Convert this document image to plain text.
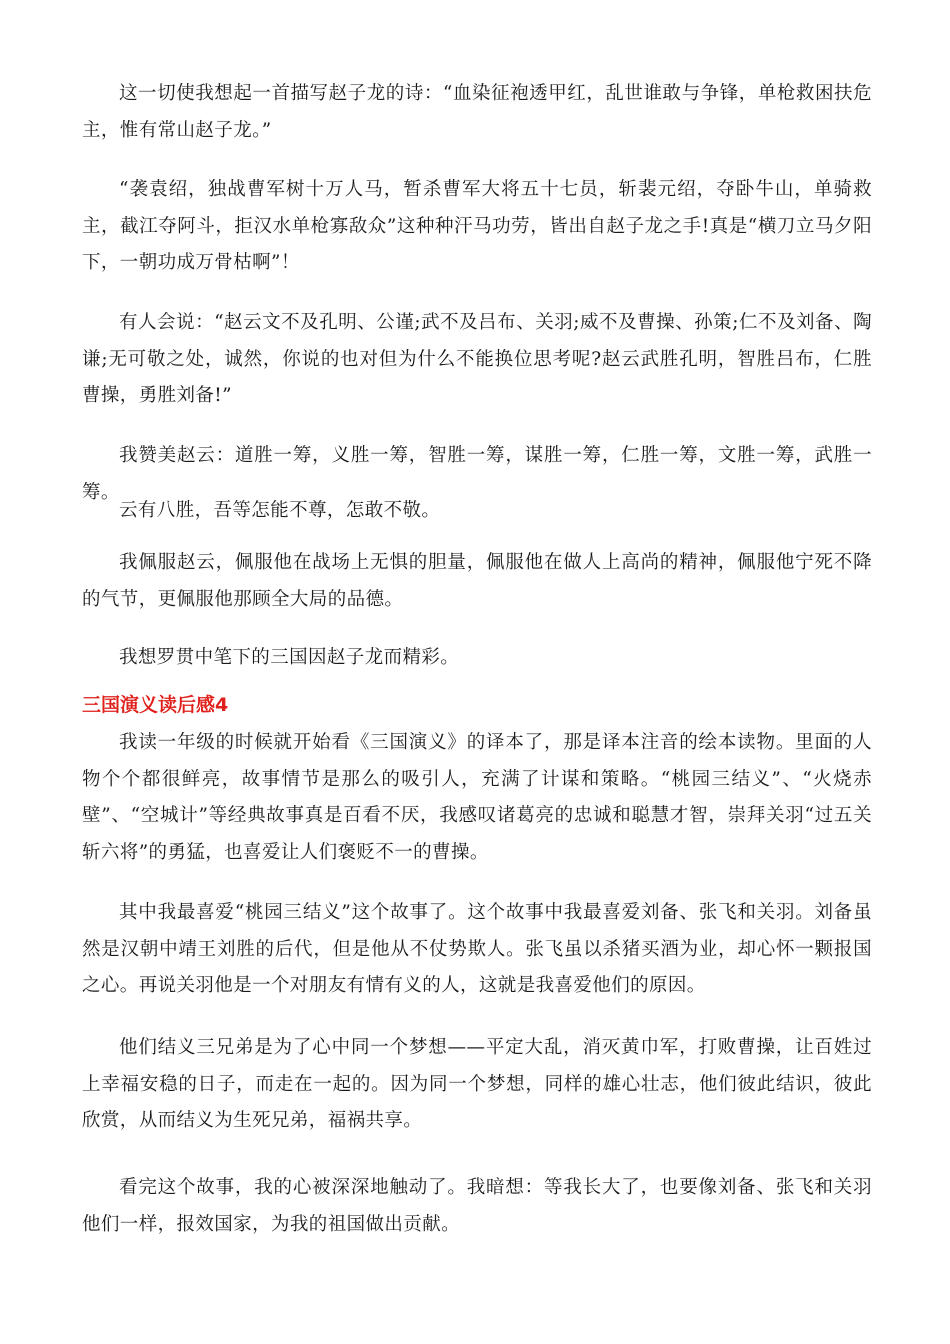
这一切使我想起一首描写赵子龙的诗：“血染征袍透甲红，乱世谁敢与争锋，单枪救困扶危主，惟有常山赵子龙。”

“袭袁绍，独战曹军树十万人马，暂杀曹军大将五十七员，斩裴元绍，夺卧牛山，单骑救主，截江夺阿斗，拒汉水单枪寡敌众”这种种汗马功劳，皆出自赵子龙之手!真是“横刀立马夕阳下，一朝功成万骨枯啊”！

有人会说：“赵云文不及孔明、公谨;武不及吕布、关羽;威不及曹操、孙策;仁不及刘备、陶谦;无可敬之处，诚然，你说的也对但为什么不能换位思考呢?赵云武胜孔明，智胜吕布，仁胜曹操，勇胜刘备!”

我赞美赵云：道胜一筹，义胜一筹，智胜一筹，谋胜一筹，仁胜一筹，文胜一筹，武胜一筹。

云有八胜，吾等怎能不尊，怎敢不敬。

我佩服赵云，佩服他在战场上无惧的胆量，佩服他在做人上高尚的精神，佩服他宁死不降的气节，更佩服他那顾全大局的品德。

我想罗贯中笔下的三国因赵子龙而精彩。

三国演义读后感4

我读一年级的时候就开始看《三国演义》的译本了，那是译本注音的绘本读物。里面的人物个个都很鲜亮，故事情节是那么的吸引人，充满了计谋和策略。“桃园三结义”、“火烧赤壁”、“空城计”等经典故事真是百看不厌，我感叹诸葛亮的忠诚和聪慧才智，崇拜关羽“过五关斩六将”的勇猛，也喜爱让人们褒贬不一的曹操。

其中我最喜爱“桃园三结义”这个故事了。这个故事中我最喜爱刘备、张飞和关羽。刘备虽然是汉朝中靖王刘胜的后代，但是他从不仗势欺人。张飞虽以杀猪买酒为业，却心怀一颗报国之心。再说关羽他是一个对朋友有情有义的人，这就是我喜爱他们的原因。

他们结义三兄弟是为了心中同一个梦想——平定大乱，消灭黄巾军，打败曹操，让百姓过上幸福安稳的日子，而走在一起的。因为同一个梦想，同样的雄心壮志，他们彼此结识，彼此欣赏，从而结义为生死兄弟，福祸共享。

看完这个故事，我的心被深深地触动了。我暗想：等我长大了，也要像刘备、张飞和关羽他们一样，报效国家，为我的祖国做出贡献。
